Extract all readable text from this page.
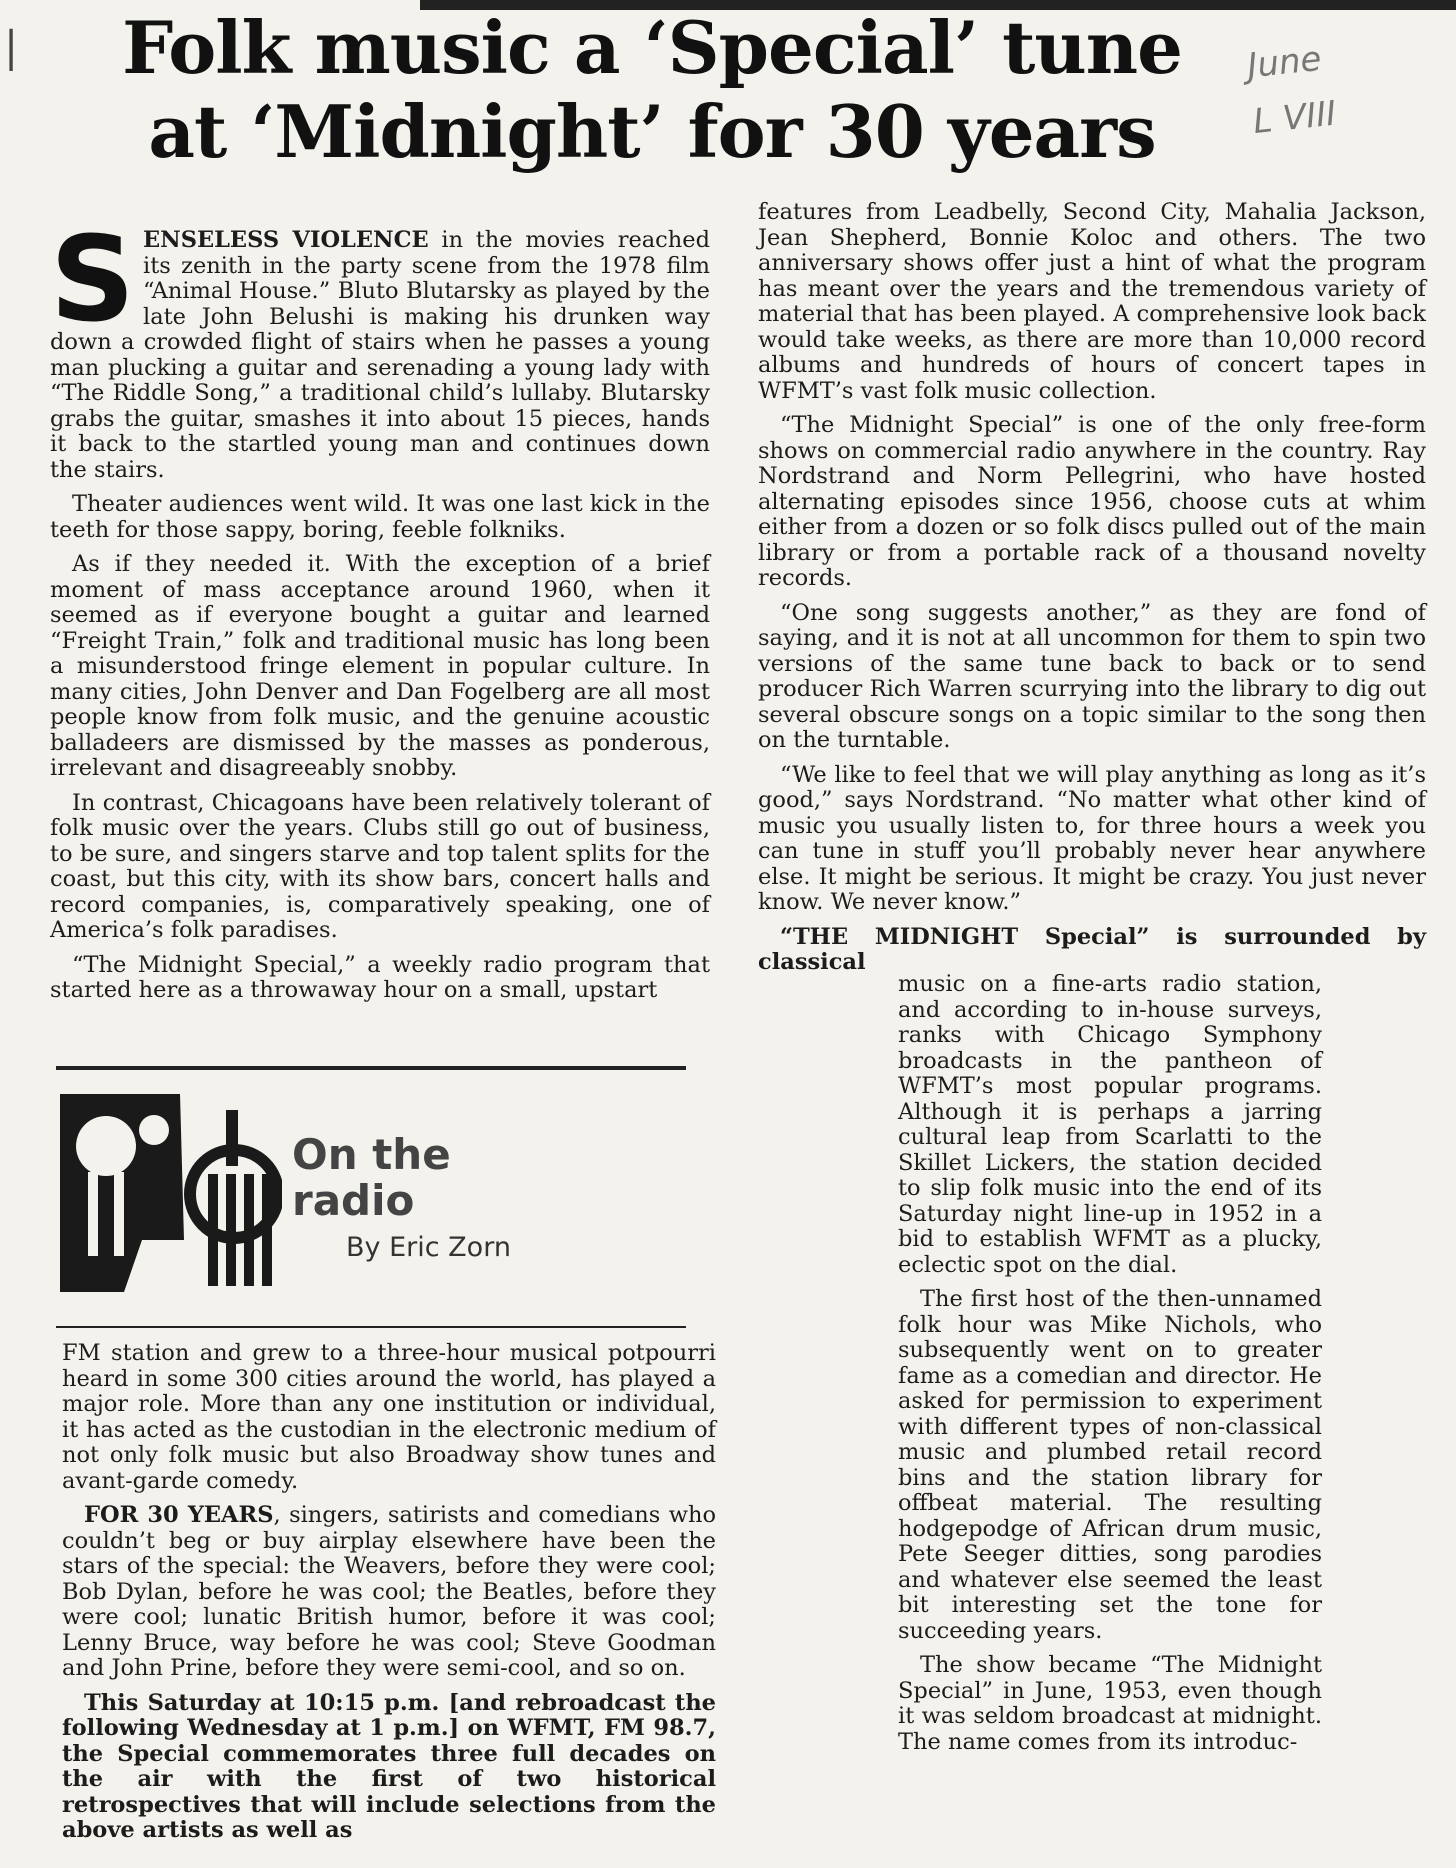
|	Folk music a ‘Special’ tune
at ‘Midnight’ for 30 years
June
L VIII

SENSELESS VIOLENCE in the movies reached its zenith in the party scene from the 1978 film “Animal House.” Bluto Blutarsky as played by the late John Belushi is making his drunken way down a crowded flight of stairs when he passes a young man plucking a guitar and serenading a young lady with “The Riddle Song,” a traditional child’s lullaby. Blutarsky grabs the guitar, smashes it into about 15 pieces, hands it back to the startled young man and continues down the stairs.

Theater audiences went wild. It was one last kick in the teeth for those sappy, boring, feeble folkniks.

As if they needed it. With the exception of a brief moment of mass acceptance around 1960, when it seemed as if everyone bought a guitar and learned “Freight Train,” folk and traditional music has long been a misunderstood fringe element in popular culture. In many cities, John Denver and Dan Fogelberg are all most people know from folk music, and the genuine acoustic balladeers are dismissed by the masses as ponderous, irrelevant and disagreeably snobby.

In contrast, Chicagoans have been relatively tolerant of folk music over the years. Clubs still go out of business, to be sure, and singers starve and top talent splits for the coast, but this city, with its show bars, concert halls and record companies, is, comparatively speaking, one of America’s folk paradises.

“The Midnight Special,” a weekly radio program that started here as a throwaway hour on a small, upstart

On the
radio
By Eric Zorn

FM station and grew to a three-hour musical potpourri heard in some 300 cities around the world, has played a major role. More than any one institution or individual, it has acted as the custodian in the electronic medium of not only folk music but also Broadway show tunes and avant-garde comedy.

FOR 30 YEARS, singers, satirists and comedians who couldn’t beg or buy airplay elsewhere have been the stars of the special: the Weavers, before they were cool; Bob Dylan, before he was cool; the Beatles, before they were cool; lunatic British humor, before it was cool; Lenny Bruce, way before he was cool; Steve Goodman and John Prine, before they were semi-cool, and so on.

This Saturday at 10:15 p.m. [and rebroadcast the following Wednesday at 1 p.m.] on WFMT, FM 98.7, the Special commemorates three full decades on the air with the first of two historical retrospectives that will include selections from the above artists as well as

features from Leadbelly, Second City, Mahalia Jackson, Jean Shepherd, Bonnie Koloc and others. The two anniversary shows offer just a hint of what the program has meant over the years and the tremendous variety of material that has been played. A comprehensive look back would take weeks, as there are more than 10,000 record albums and hundreds of hours of concert tapes in WFMT’s vast folk music collection.

“The Midnight Special” is one of the only free-form shows on commercial radio anywhere in the country. Ray Nordstrand and Norm Pellegrini, who have hosted alternating episodes since 1956, choose cuts at whim either from a dozen or so folk discs pulled out of the main library or from a portable rack of a thousand novelty records.

“One song suggests another,” as they are fond of saying, and it is not at all uncommon for them to spin two versions of the same tune back to back or to send producer Rich Warren scurrying into the library to dig out several obscure songs on a topic similar to the song then on the turntable.

“We like to feel that we will play anything as long as it’s good,” says Nordstrand. “No matter what other kind of music you usually listen to, for three hours a week you can tune in stuff you’ll probably never hear anywhere else. It might be serious. It might be crazy. You just never know. We never know.”

“THE MIDNIGHT Special” is surrounded by classical

music on a fine-arts radio station, and according to in-house surveys, ranks with Chicago Symphony broadcasts in the pantheon of WFMT’s most popular programs. Although it is perhaps a jarring cultural leap from Scarlatti to the Skillet Lickers, the station decided to slip folk music into the end of its Saturday night line-up in 1952 in a bid to establish WFMT as a plucky, eclectic spot on the dial.

The first host of the then-unnamed folk hour was Mike Nichols, who subsequently went on to greater fame as a comedian and director. He asked for permission to experiment with different types of non-classical music and plumbed retail record bins and the station library for offbeat material. The resulting hodgepodge of African drum music, Pete Seeger ditties, song parodies and whatever else seemed the least bit interesting set the tone for succeeding years.

The show became “The Midnight Special” in June, 1953, even though it was seldom broadcast at midnight. The name comes from its introduc-
